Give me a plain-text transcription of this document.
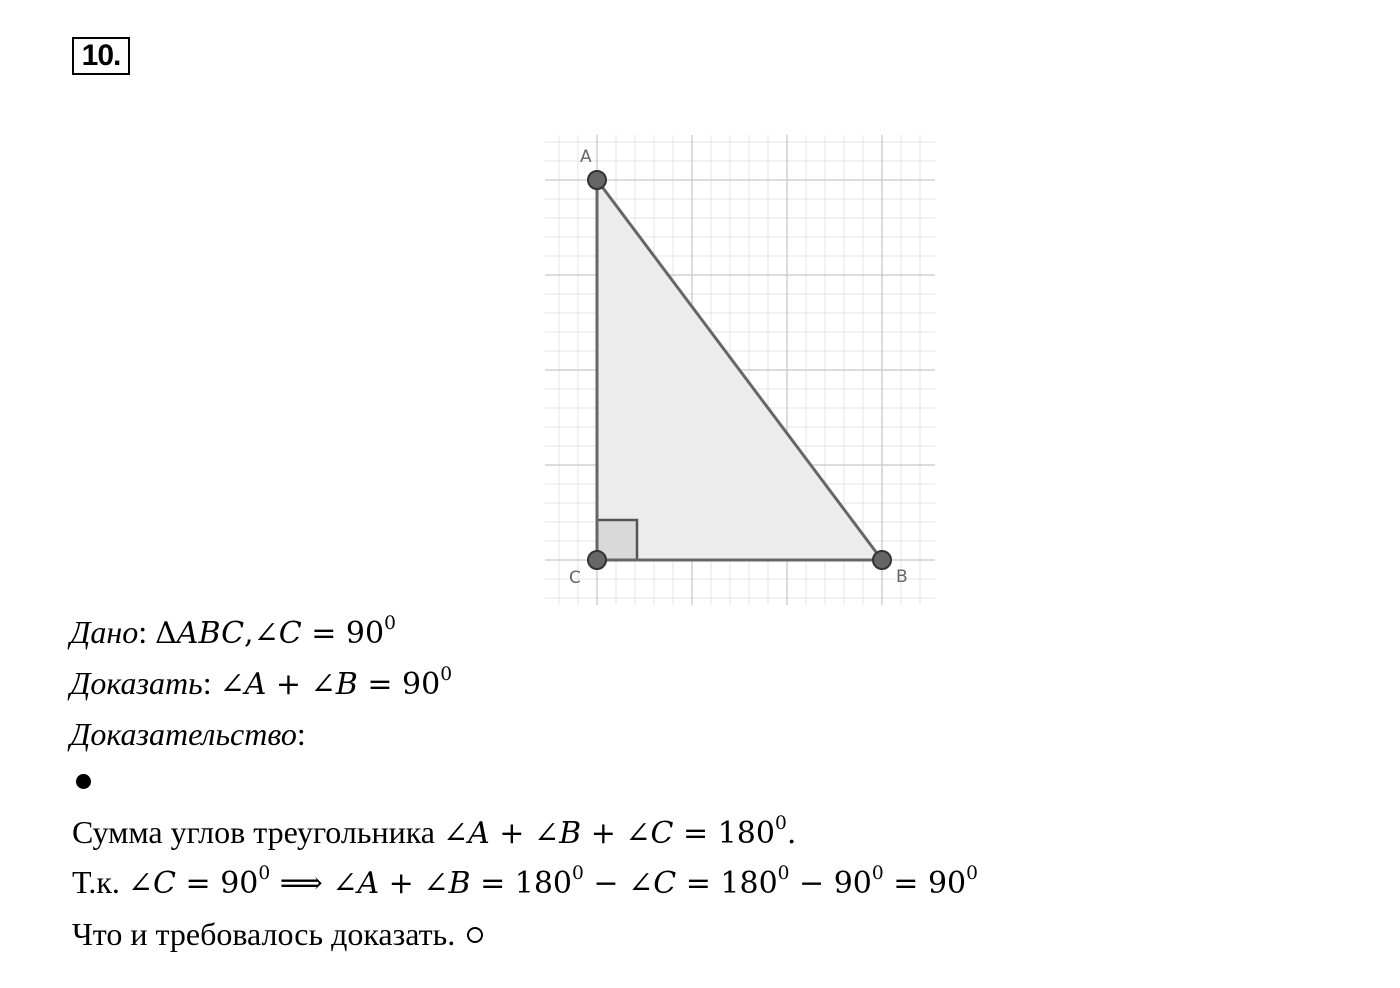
10.
A
C	B
Дано: ΔABC,∠C = $90^0$
Доказать: ∠A + ∠B = $90^0$
Доказательство:
Сумма углов треугольника ∠A + ∠B + ∠C = $180^0$.
Т.к. ∠C = $90^0$ ⟹ ∠A + ∠B = $180^0$ − ∠C = $180^0 - 90^0 = 90^0$
Что и требовалось доказать.
